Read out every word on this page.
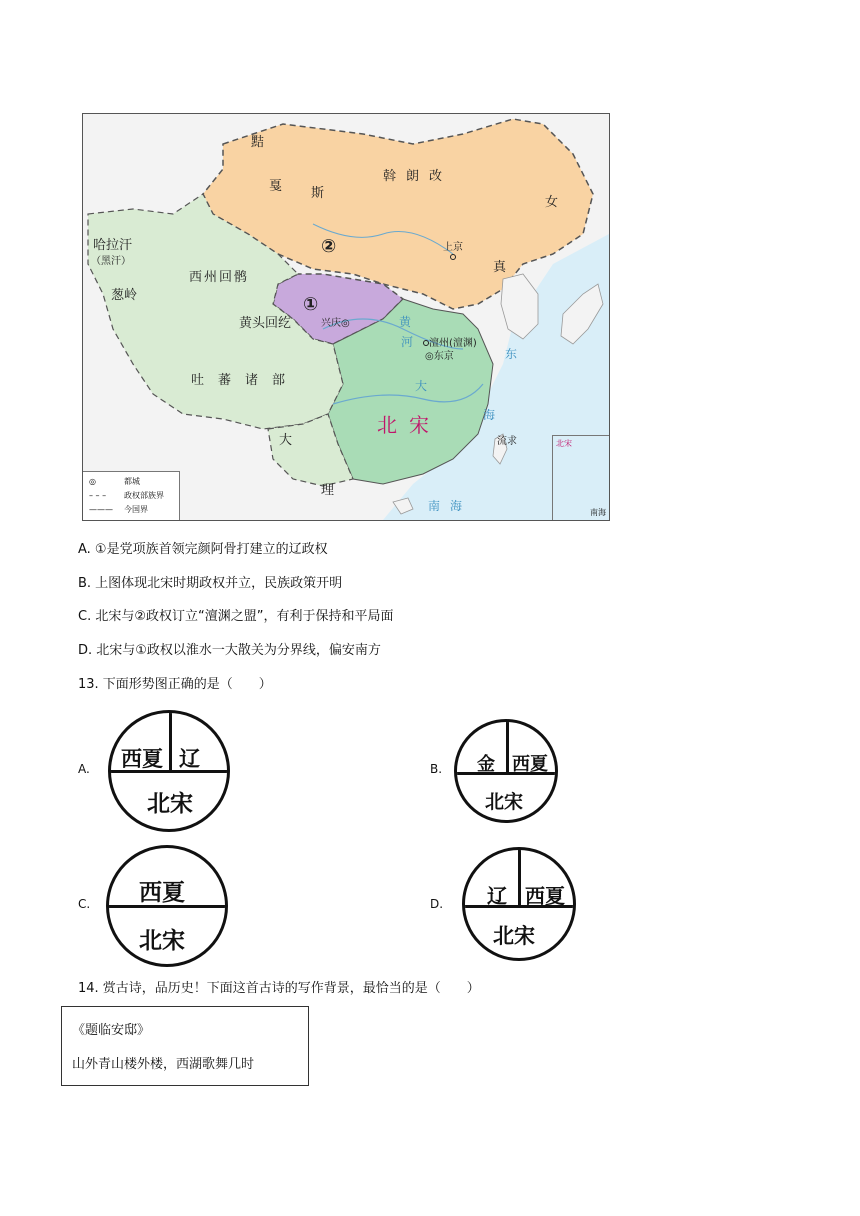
黠
戛 斯
斡朗改
女
真
上京
②
①
兴庆◎
哈拉汗
（黑汗）
葱岭
西州回鹘
黄头回纥
吐蕃诸部
大
理
北宋
澶州(澶渊)
◎东京
黄
河
大
东
海
流求
南海
◎	都城
– – –	政权部族界
———	今国界
北宋
南海
A. ①是党项族首领完颜阿骨打建立的辽政权
B. 上图体现北宋时期政权并立，民族政策开明
C. 北宋与②政权订立“澶渊之盟”，有利于保持和平局面
D. 北宋与①政权以淮水一大散关为分界线，偏安南方
13. 下面形势图正确的是（　　）
A. 西夏 辽
北宋
B. 金 西夏
北宋
C. 西夏
北宋
D. 辽 西夏
北宋
14. 赏古诗，品历史！下面这首古诗的写作背景，最恰当的是（　　）
《题临安邸》
山外青山楼外楼，西湖歌舞几时
